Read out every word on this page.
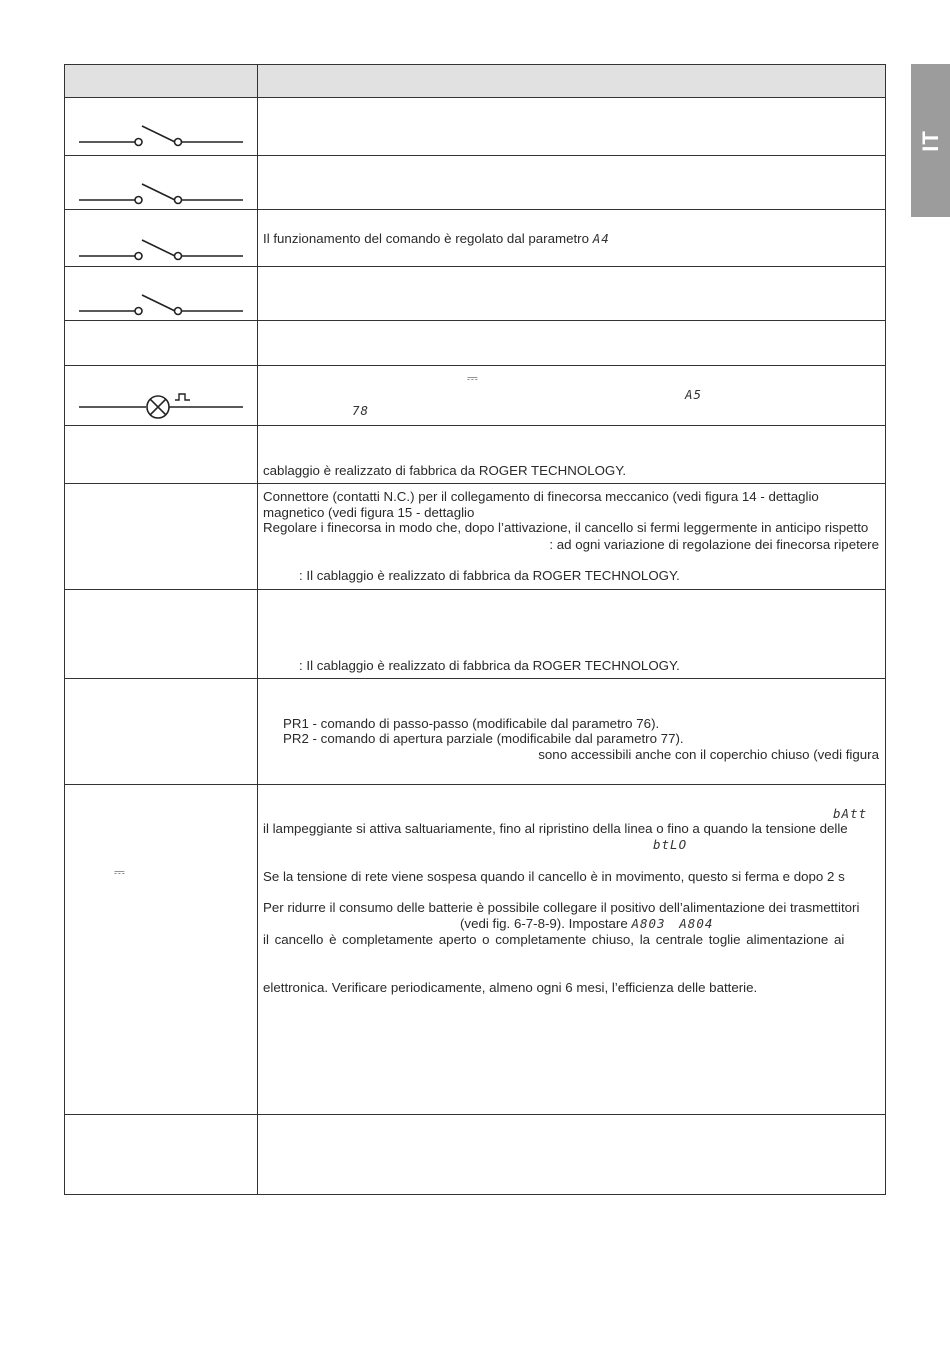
IT
Il funzionamento del comando è regolato dal parametro A4
⎓
A5
78
cablaggio è realizzato di fabbrica da ROGER TECHNOLOGY.
Connettore (contatti N.C.) per il collegamento di finecorsa meccanico (vedi figura 14 - dettaglio
magnetico (vedi figura 15 - dettaglio
Regolare i finecorsa in modo che, dopo l’attivazione, il cancello si fermi leggermente in anticipo rispetto
: ad ogni variazione di regolazione dei finecorsa ripetere
: Il cablaggio è realizzato di fabbrica da ROGER TECHNOLOGY.
: Il cablaggio è realizzato di fabbrica da ROGER TECHNOLOGY.
PR1 - comando di passo-passo (modificabile dal parametro 76).
PR2 - comando di apertura parziale (modificabile dal parametro 77).
sono accessibili anche con il coperchio chiuso (vedi figura
⎓
bAtt
il lampeggiante si attiva saltuariamente, fino al ripristino della linea o fino a quando la tensione delle
btLO
Se la tensione di rete viene sospesa quando il cancello è in movimento, questo si ferma e dopo 2 s
Per ridurre il consumo delle batterie è possibile collegare il positivo dell’alimentazione dei trasmettitori
(vedi fig. 6-7-8-9). Impostare A803 A804
il cancello è completamente aperto o completamente chiuso, la centrale toglie alimentazione ai
elettronica. Verificare periodicamente, almeno ogni 6 mesi, l’efficienza delle batterie.
